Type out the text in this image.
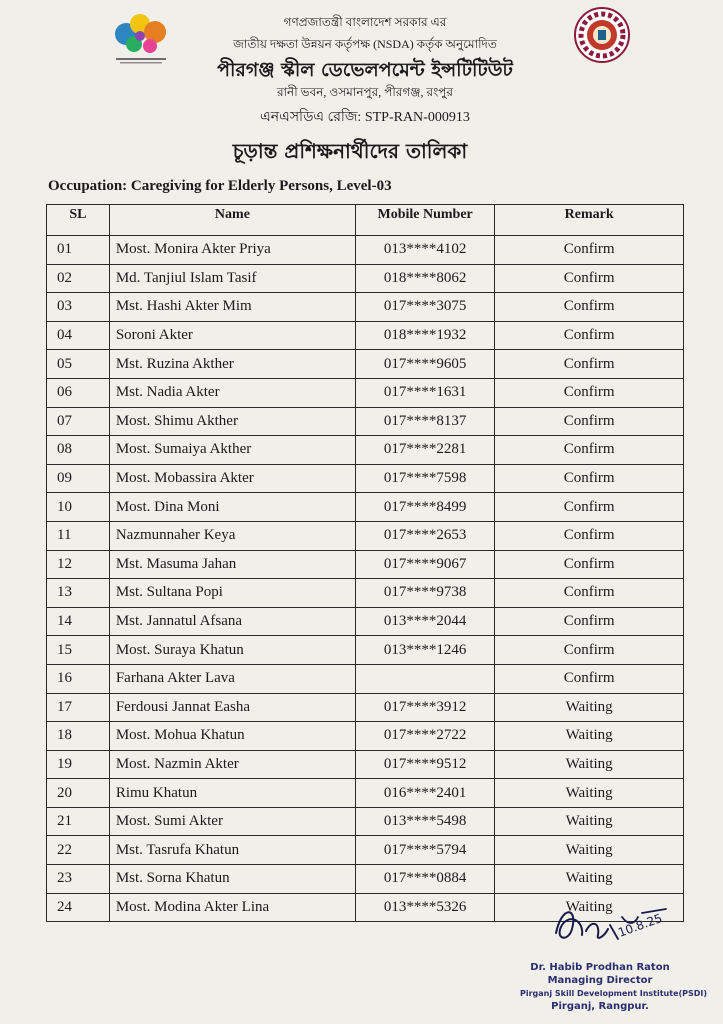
গণপ্রজাতন্ত্রী বাংলাদেশ সরকার এর
জাতীয় দক্ষতা উন্নয়ন কর্তৃপক্ষ (NSDA) কর্তৃক অনুমোদিত
পীরগঞ্জ স্কীল ডেভেলপমেন্ট ইন্সটিটিউট
রানী ভবন, ওসমানপুর, পীরগঞ্জ, রংপুর
এনএসডিএ রেজি: STP-RAN-000913
চূড়ান্ত প্রশিক্ষনার্থীদের তালিকা
Occupation: Caregiving for Elderly Persons, Level-03
SL	Name	Mobile Number	Remark
01	Most. Monira Akter Priya	013****4102	Confirm
02	Md. Tanjiul Islam Tasif	018****8062	Confirm
03	Mst. Hashi Akter Mim	017****3075	Confirm
04	Soroni Akter	018****1932	Confirm
05	Mst. Ruzina Akther	017****9605	Confirm
06	Mst. Nadia Akter	017****1631	Confirm
07	Most. Shimu Akther	017****8137	Confirm
08	Most. Sumaiya Akther	017****2281	Confirm
09	Most. Mobassira Akter	017****7598	Confirm
10	Most. Dina Moni	017****8499	Confirm
11	Nazmunnaher Keya	017****2653	Confirm
12	Mst. Masuma Jahan	017****9067	Confirm
13	Mst. Sultana Popi	017****9738	Confirm
14	Mst. Jannatul Afsana	013****2044	Confirm
15	Most. Suraya Khatun	013****1246	Confirm
16	Farhana Akter Lava		Confirm
17	Ferdousi Jannat Easha	017****3912	Waiting
18	Most. Mohua Khatun	017****2722	Waiting
19	Most. Nazmin Akter	017****9512	Waiting
20	Rimu Khatun	016****2401	Waiting
21	Most. Sumi Akter	013****5498	Waiting
22	Mst. Tasrufa Khatun	017****5794	Waiting
23	Mst. Sorna Khatun	017****0884	Waiting
24	Most. Modina Akter Lina	013****5326	Waiting
10.8.25
Dr. Habib Prodhan Raton
Managing Director
Pirganj Skill Development Institute(PSDI)
Pirganj, Rangpur.
